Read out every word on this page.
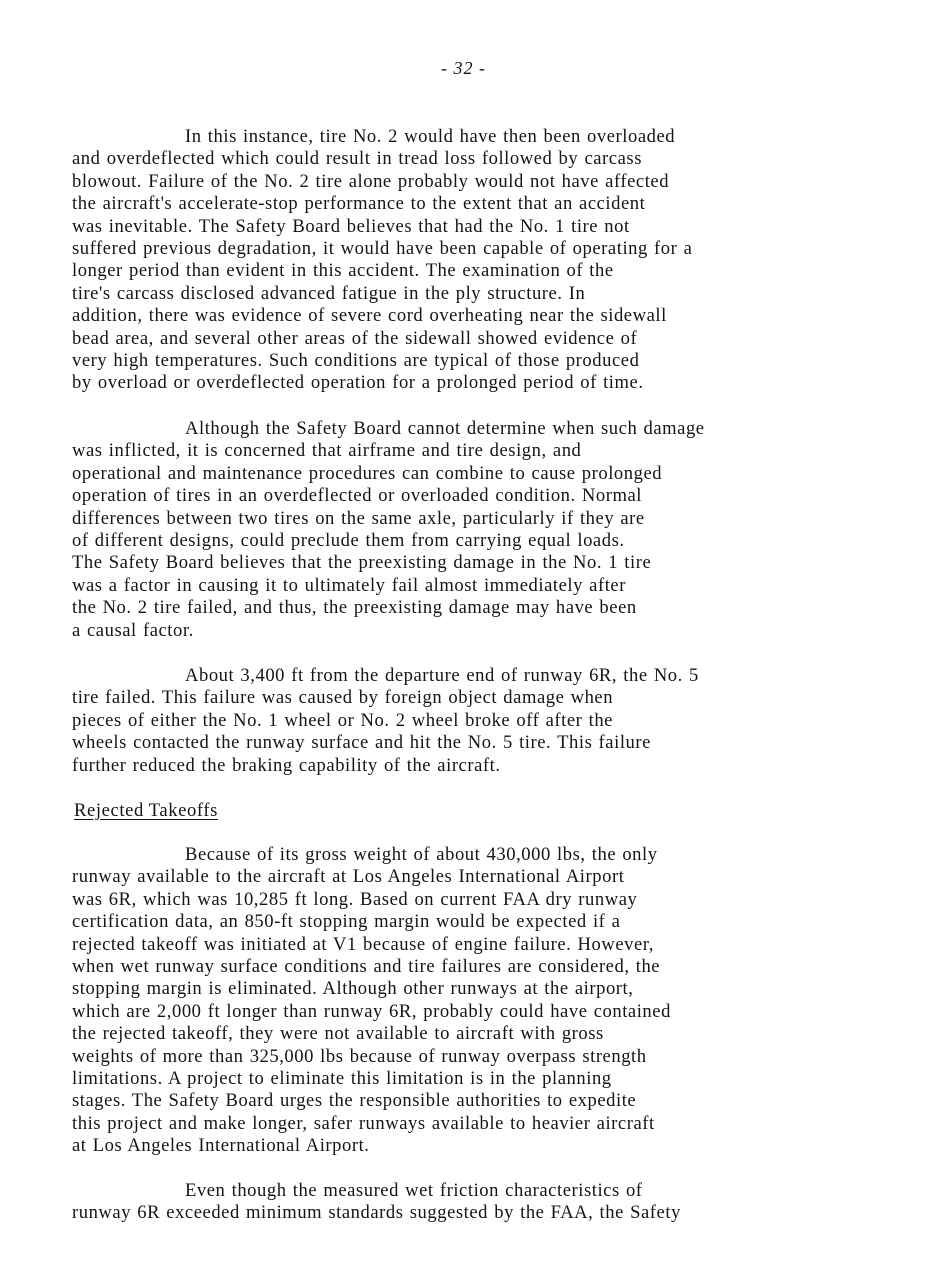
- 32 -
In this instance, tire No. 2 would have then been overloaded
and overdeflected which could result in tread loss followed by carcass
blowout. Failure of the No. 2 tire alone probably would not have affected
the aircraft's accelerate-stop performance to the extent that an accident
was inevitable. The Safety Board believes that had the No. 1 tire not
suffered previous degradation, it would have been capable of operating for a
longer period than evident in this accident. The examination of the
tire's carcass disclosed advanced fatigue in the ply structure. In
addition, there was evidence of severe cord overheating near the sidewall
bead area, and several other areas of the sidewall showed evidence of
very high temperatures. Such conditions are typical of those produced
by overload or overdeflected operation for a prolonged period of time.
Although the Safety Board cannot determine when such damage
was inflicted, it is concerned that airframe and tire design, and
operational and maintenance procedures can combine to cause prolonged
operation of tires in an overdeflected or overloaded condition. Normal
differences between two tires on the same axle, particularly if they are
of different designs, could preclude them from carrying equal loads.
The Safety Board believes that the preexisting damage in the No. 1 tire
was a factor in causing it to ultimately fail almost immediately after
the No. 2 tire failed, and thus, the preexisting damage may have been
a causal factor.
About 3,400 ft from the departure end of runway 6R, the No. 5
tire failed. This failure was caused by foreign object damage when
pieces of either the No. 1 wheel or No. 2 wheel broke off after the
wheels contacted the runway surface and hit the No. 5 tire. This failure
further reduced the braking capability of the aircraft.
Rejected Takeoffs
Because of its gross weight of about 430,000 lbs, the only
runway available to the aircraft at Los Angeles International Airport
was 6R, which was 10,285 ft long. Based on current FAA dry runway
certification data, an 850-ft stopping margin would be expected if a
rejected takeoff was initiated at V1 because of engine failure. However,
when wet runway surface conditions and tire failures are considered, the
stopping margin is eliminated. Although other runways at the airport,
which are 2,000 ft longer than runway 6R, probably could have contained
the rejected takeoff, they were not available to aircraft with gross
weights of more than 325,000 lbs because of runway overpass strength
limitations. A project to eliminate this limitation is in the planning
stages. The Safety Board urges the responsible authorities to expedite
this project and make longer, safer runways available to heavier aircraft
at Los Angeles International Airport.
Even though the measured wet friction characteristics of
runway 6R exceeded minimum standards suggested by the FAA, the Safety
